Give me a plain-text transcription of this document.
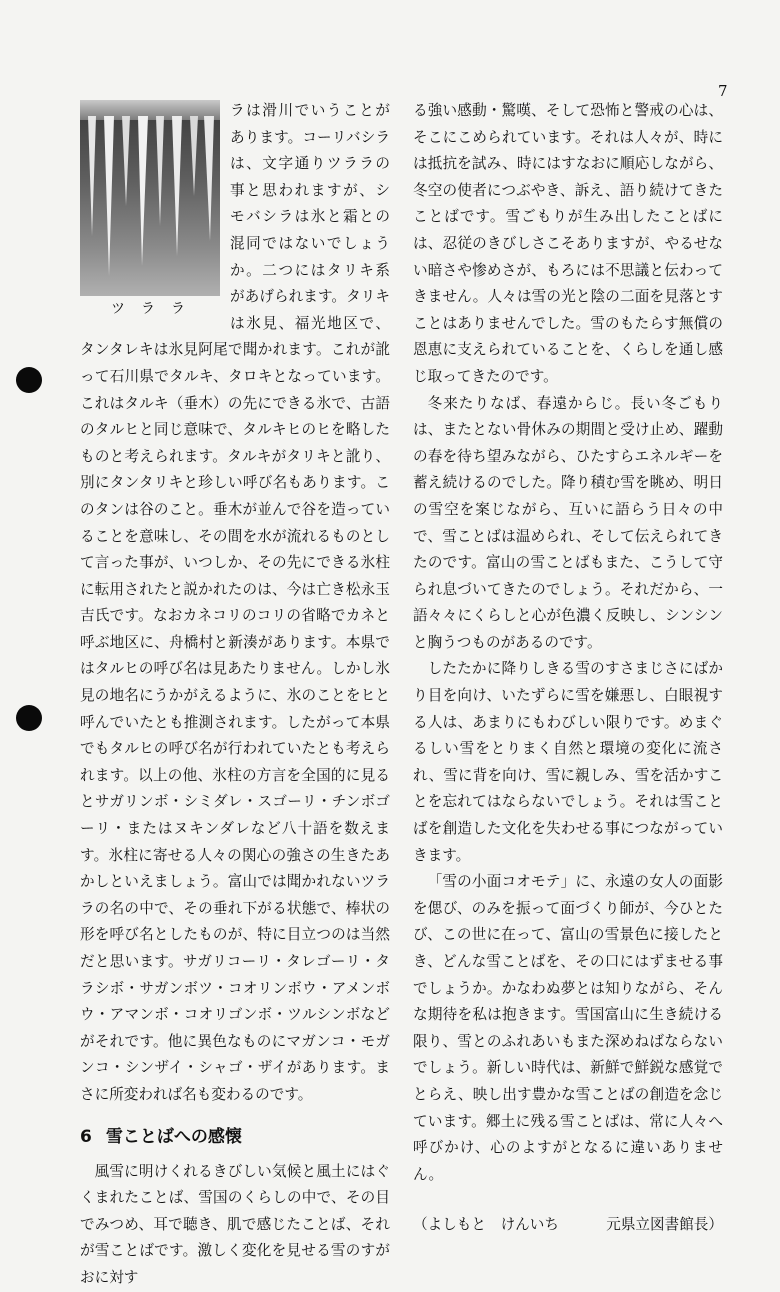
7
ツララ

ラは滑川でいうことがあります。コーリバシラは、文字通りツララの事と思われますが、シモバシラは氷と霜との混同ではないでしょうか。二つにはタリキ系があげられます。タリキは氷見、福光地区で、タンタレキは氷見阿尾で聞かれます。これが訛って石川県でタルキ、タロキとなっています。これはタルキ（垂木）の先にできる氷で、古語のタルヒと同じ意味で、タルキヒのヒを略したものと考えられます。タルキがタリキと訛り、別にタンタリキと珍しい呼び名もあります。このタンは谷のこと。垂木が並んで谷を造っていることを意味し、その間を水が流れるものとして言った事が、いつしか、その先にできる氷柱に転用されたと説かれたのは、今は亡き松永玉吉氏です。なおカネコリのコリの省略でカネと呼ぶ地区に、舟橋村と新湊があります。本県ではタルヒの呼び名は見あたりません。しかし氷見の地名にうかがえるように、氷のことをヒと呼んでいたとも推測されます。したがって本県でもタルヒの呼び名が行われていたとも考えられます。以上の他、氷柱の方言を全国的に見るとサガリンボ・シミダレ・スゴーリ・チンボゴーリ・またはヌキンダレなど八十語を数えます。氷柱に寄せる人々の関心の強さの生きたあかしといえましょう。富山では聞かれないツララの名の中で、その垂れ下がる状態で、棒状の形を呼び名としたものが、特に目立つのは当然だと思います。サガリコーリ・タレゴーリ・タラシボ・サガンボツ・コオリンボウ・アメンボウ・アマンボ・コオリゴンボ・ツルシンボなどがそれです。他に異色なものにマガンコ・モガンコ・シンザイ・シャゴ・ザイがあります。まさに所変われば名も変わるのです。

6 雪ことばへの感懐

風雪に明けくれるきびしい気候と風土にはぐくまれたことば、雪国のくらしの中で、その目でみつめ、耳で聴き、肌で感じたことば、それが雪ことばです。激しく変化を見せる雪のすがおに対す

る強い感動・驚嘆、そして恐怖と警戒の心は、そこにこめられています。それは人々が、時には抵抗を試み、時にはすなおに順応しながら、冬空の使者につぶやき、訴え、語り続けてきたことばです。雪ごもりが生み出したことばには、忍従のきびしさこそありますが、やるせない暗さや惨めさが、もろには不思議と伝わってきません。人々は雪の光と陰の二面を見落とすことはありませんでした。雪のもたらす無償の恩恵に支えられていることを、くらしを通し感じ取ってきたのです。

冬来たりなば、春遠からじ。長い冬ごもりは、またとない骨休みの期間と受け止め、躍動の春を待ち望みながら、ひたすらエネルギーを蓄え続けるのでした。降り積む雪を眺め、明日の雪空を案じながら、互いに語らう日々の中で、雪ことばは温められ、そして伝えられてきたのです。富山の雪ことばもまた、こうして守られ息づいてきたのでしょう。それだから、一語々々にくらしと心が色濃く反映し、シンシンと胸うつものがあるのです。

したたかに降りしきる雪のすさまじさにばかり目を向け、いたずらに雪を嫌悪し、白眼視する人は、あまりにもわびしい限りです。めまぐるしい雪をとりまく自然と環境の変化に流され、雪に背を向け、雪に親しみ、雪を活かすことを忘れてはならないでしょう。それは雪ことばを創造した文化を失わせる事につながっていきます。

「雪の小面コオモテ」に、永遠の女人の面影を偲び、のみを振って面づくり師が、今ひとたび、この世に在って、富山の雪景色に接したとき、どんな雪ことばを、その口にはずませる事でしょうか。かなわぬ夢とは知りながら、そんな期待を私は抱きます。雪国富山に生き続ける限り、雪とのふれあいもまた深めねばならないでしょう。新しい時代は、新鮮で鮮鋭な感覚でとらえ、映し出す豊かな雪ことばの創造を念じています。郷土に残る雪ことばは、常に人々へ呼びかけ、心のよすがとなるに違いありません。

（よしもと　けんいち	元県立図書館長）
